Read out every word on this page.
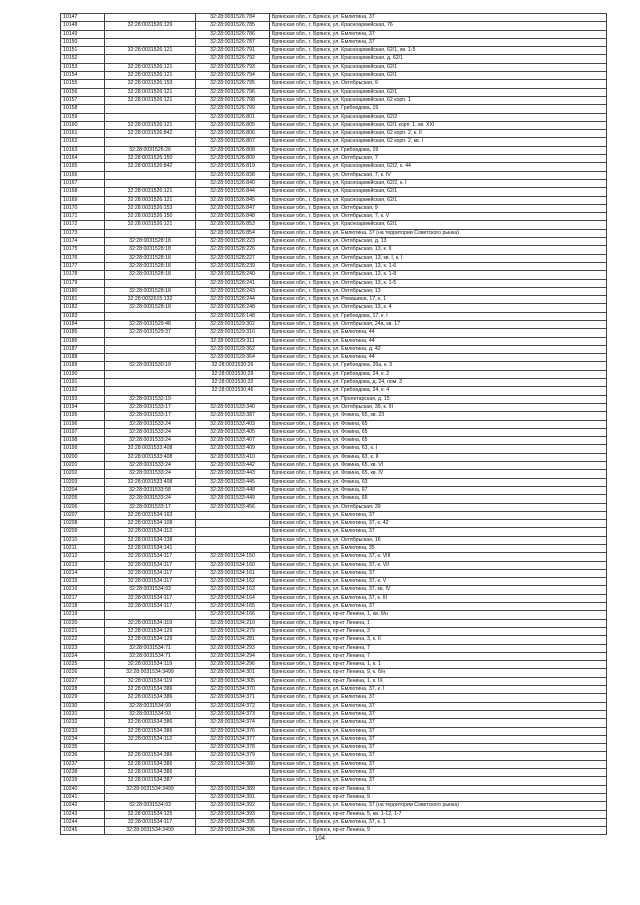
10147		32:28:0031526:784	Брянская обл., г. Брянск, ул. Емлютина, 37
10148	32:28:0031526:129	32:28:0031526:785	Брянская обл., г. Брянск, ул. Красноармейская, 76
10149		32:28:0031526:786	Брянская обл., г. Брянск, ул. Емлютина, 37
10150		32:28:0031526:787	Брянская обл., г. Брянск, ул. Емлютина, 37
10151	32:28:0031526:121	32:28:0031526:791	Брянская обл., г. Брянск, ул. Красноармейская, 62/1, кв. 1-5
10152		32:28:0031526:792	Брянская обл., г. Брянск, ул. Красноармейская, д. 62/1
10153	32:28:0031526:121	32:28:0031526:793	Брянская обл., г. Брянск, ул. Красноармейская, 62/1
10154	32:28:0031526:121	32:28:0031526:794	Брянская обл., г. Брянск, ул. Красноармейская, 62/1
10155	32:28:0031526:153	32:28:0031526:795	Брянская обл., г. Брянск, ул. Октябрьская, 9
10156	32:28:0031526:121	32:28:0031526:796	Брянская обл., г. Брянск, ул. Красноармейская, 62/1
10157	32:28:0031526:121	32:28:0031526:798	Брянская обл., г. Брянск, ул. Красноармейская, 62 корп. 1
10158		32:28:0031526:799	Брянская обл., г. Брянск, ул. Грибоедова, 19
10159		32:28:0031526:801	Брянская обл., г. Брянск, ул. Красноармейская, 62/2
10160	32:28:0031526:121	32:28:0031526:805	Брянская обл., г. Брянск, ул. Красноармейская, 62/1 корп. 1, кв. XXI
10161	32:28:0031526:842	32:28:0031526:806	Брянская обл., г. Брянск, ул. Красноармейская, 62 корп. 2, к. II
10162		32:28:0031526:807	Брянская обл., г. Брянск, ул. Красноармейская, 62 корп. 2, кв. I
10163	32:28:0031526:26	32:28:0031526:808	Брянская обл., г. Брянск, ул. Грибоедова, 19
10164	32:28:0031526:150	32:28:0031526:809	Брянская обл., г. Брянск, ул. Октябрьская, 7
10165	32:28:0031526:842	32:28:0031526:819	Брянская обл., г. Брянск, ул. Красноармейская, 62/2, к. 44
10166		32:28:0031526:838	Брянская обл., г. Брянск, ул. Октябрьская, 7, к. IV
10167		32:28:0031526:840	Брянская обл., г. Брянск, ул. Красноармейская, 62/2, к. I
10168	32:28:0031526:121	32:28:0031526:844	Брянская обл., г. Брянск, ул. Красноармейская, 62/1
10169	32:28:0031526:121	32:28:0031526:845	Брянская обл., г. Брянск, ул. Красноармейская, 62/1
10170	32:28:0031526:153	32:28:0031526:847	Брянская обл., г. Брянск, ул. Октябрьская, 9
10171	32:28:0031526:150	32:28:0031526:848	Брянская обл., г. Брянск, ул. Октябрьская, 7, к. V
10172	32:28:0031526:121	32:28:0031526:853	Брянская обл., г. Брянск, ул. Красноармейская, 62/1
10173		32:28:0031526:854	Брянская обл., г. Брянск, ул. Емлютина, 37 (на территории Советского рынка)
10174	32:28:0031528:18	32:28:0031528:223	Брянская обл., г. Брянск, ул. Октябрьская, д. 13
10175	32:28:0031528:18	32:28:0031528:226	Брянская обл., г. Брянск, ул. Октябрьская, 13, к. II
10176	32:28:0031528:18	32:28:0031528:227	Брянская обл., г. Брянск, ул. Октябрьская, 13, кв. I, к. I
10177	32:28:0031528:18	32:28:0031528:239	Брянская обл., г. Брянск, ул. Октябрьская, 13, к. 1-6
10178	32:28:0031528:18	32:28:0031528:240	Брянская обл., г. Брянск, ул. Октябрьская, 13, к. 1-8
10179		32:28:0031528:241	Брянская обл., г. Брянск, ул. Октябрьская, 13, к. 1-5
10180	32:28:0031528:18	32:28:0031528:243	Брянская обл., г. Брянск, ул. Октябрьская, 13
10181	32:28:0032615:132	32:28:0031528:244	Брянская обл., г. Брянск, ул. Ромашина, 17, к. 1
10182	32:28:0031528:18	32:28:0031528:248	Брянская обл., г. Брянск, ул. Октябрьская, 13, к. 4
10183		32:28:0031528:148	Брянская обл., г. Брянск, ул. Грибоедова, 17, к. I
10184	32:28:0031529:48	32:28:0031529:302	Брянская обл., г. Брянск, ул. Октябрьская, 24а, кв. 17
10185	32:28:0031529:37	32:28:0031529:310	Брянская обл., г. Брянск, ул. Емлютина, 44
10186		32:28:0031529:311	Брянская обл., г. Брянск, ул. Емлютина, 44
10187		32:28:0031529:362	Брянская обл., г. Брянск, ул. Емлютина, д. 42
10188		32:28:0031529:364	Брянская обл., г. Брянск, ул. Емлютина, 44
10189	32:28:0031530:19	32:28:0031530:26	Брянская обл., г. Брянск, ул. Грибоедова, 26а, к. 3
10190		32:28:0031530:29	Брянская обл., г. Брянск, ул. Грибоедова, 24, к. 2
10191		32:28:0031530:32	Брянская обл., г. Брянск, ул. Грибоедова, д. 24, пом. 3
10192		32:28:0031530:46	Брянская обл., г. Брянск, ул. Грибоедова, 24, к. 4
10193	32:28:0031532:19		Брянская обл., г. Брянск, ул. Пролетарская, д. 15
10194	32:28:0031533:17	32:28:0031533:340	Брянская обл., г. Брянск, ул. Октябрьская, 39, к. III
10195	32:28:0031533:17	32:28:0031533:387	Брянская обл., г. Брянск, ул. Фокина, 65, кв. 23
10196	32:28:0031533:24	32:28:0031533:403	Брянская обл., г. Брянск, ул. Фокина, 65
10197	32:28:0031533:24	32:28:0031533:405	Брянская обл., г. Брянск, ул. Фокина, 65
10198	32:28:0031533:24	32:28:0031533:407	Брянская обл., г. Брянск, ул. Фокина, 65
10199	32:28:0031533:408	32:28:0031533:409	Брянская обл., г. Брянск, ул. Фокина, 63, к. I
10200	32:28:0031533:408	32:28:0031533:410	Брянская обл., г. Брянск, ул. Фокина, 63, к. II
10201	32:28:0031533:24	32:28:0031533:442	Брянская обл., г. Брянск, ул. Фокина, 65, кв. VI
10202	32:28:0031533:24	32:28:0031533:443	Брянская обл., г. Брянск, ул. Фокина, 65, кв. IV
10203	32:28:0031533:408	32:28:0031533:445	Брянская обл., г. Брянск, ул. Фокина, 63
10204	32:28:0031533:58	32:28:0031533:448	Брянская обл., г. Брянск, ул. Фокина, 67
10205	32:28:0031533:24	32:28:0031533:449	Брянская обл., г. Брянск, ул. Фокина, 65
10206	32:28:0031533:17	32:28:0031533:456	Брянская обл., г. Брянск, ул. Октябрьская, 39
10207	32:28:0031534:163		Брянская обл., г. Брянск, ул. Емлютина, 37
10208	32:28:0031534:108		Брянская обл., г. Брянск, ул. Емлютина, 37, к. 42
10209	32:28:0031534:112		Брянская обл., г. Брянск, ул. Емлютина, 37
10210	32:28:0031534:138		Брянская обл., г. Брянск, ул. Октябрьская, 16
10211	32:28:0031534:141		Брянская обл., г. Брянск, ул. Емлютина, 35
10212	32:28:0031534:117	32:28:0031534:150	Брянская обл., г. Брянск, ул. Емлютина, 37, к. VIII
10213	32:28:0031534:117	32:28:0031534:160	Брянская обл., г. Брянск, ул. Емлютина, 37, к. VII
10214	32:28:0031534:117	32:28:0031534:161	Брянская обл., г. Брянск, ул. Емлютина, 37
10215	32:28:0031534:117	32:28:0031534:162	Брянская обл., г. Брянск, ул. Емлютина, 37, к. V
10216	32:28:0031534:93	32:28:0031534:163	Брянская обл., г. Брянск, ул. Емлютина, 37, кв. IV
10217	32:28:0031534:117	32:28:0031534:164	Брянская обл., г. Брянск, ул. Емлютина, 37, к. III
10218	32:28:0031534:117	32:28:0031534:165	Брянская обл., г. Брянск, ул. Емлютина, 37
10219		32:28:0031534:166	Брянская обл., г. Брянск, пр-кт Ленина, 1, кв. б/н
10220	32:28:0031534:119	32:28:0031534:210	Брянская обл., г. Брянск, пр-кт Ленина, 1
10221	32:28:0031534:129	32:28:0031534:279	Брянская обл., г. Брянск, пр-кт Ленина, 3
10222	32:28:0031534:129	32:28:0031534:281	Брянская обл., г. Брянск, пр-кт Ленина, 3, к. II
10223	32:28:0031534:71	32:28:0031534:293	Брянская обл., г. Брянск, пр-кт Ленина, 7
10224	32:28:0031534:71	32:28:0031534:294	Брянская обл., г. Брянск, пр-кт Ленина, 7
10225	32:28:0031534:119	32:28:0031534:296	Брянская обл., г. Брянск, пр-кт Ленина, 1, к. 1
10226	32:28:0031534:3499	32:28:0031534:301	Брянская обл., г. Брянск, пр-кт Ленина, 9, к. б/н
10227	32:28:0031534:119	32:28:0031534:305	Брянская обл., г. Брянск, пр-кт Ленина, 1, к. IX
10228	32:28:0031534:386	32:28:0031534:370	Брянская обл., г. Брянск, ул. Емлютина, 37, к. I
10229	32:28:0031534:386	32:28:0031534:371	Брянская обл., г. Брянск, ул. Емлютина, 37
10230	32:28:0031534:99	32:28:0031534:372	Брянская обл., г. Брянск, ул. Емлютина, 37
10231	32:28:0031534:93	32:28:0031534:373	Брянская обл., г. Брянск, ул. Емлютина, 37
10232	32:28:0031534:386	32:28:0031534:374	Брянская обл., г. Брянск, ул. Емлютина, 37
10233	32:28:0031534:386	32:28:0031534:376	Брянская обл., г. Брянск, ул. Емлютина, 37
10234	32:28:0031534:112	32:28:0031534:377	Брянская обл., г. Брянск, ул. Емлютина, 37
10235		32:28:0031534:378	Брянская обл., г. Брянск, ул. Емлютина, 37
10236	32:28:0031534:386	32:28:0031534:379	Брянская обл., г. Брянск, ул. Емлютина, 37
10237	32:28:0031534:386	32:28:0031534:380	Брянская обл., г. Брянск, ул. Емлютина, 37
10238	32:28:0031534:386		Брянская обл., г. Брянск, ул. Емлютина, 37
10239	32:28:0031534:387		Брянская обл., г. Брянск, ул. Емлютина, 37
10240	32:28:0031534:3499	32:28:0031534:389	Брянская обл., г. Брянск, пр-кт Ленина, 9
10241		32:28:0031534:391	Брянская обл., г. Брянск, пр-кт Ленина, 9
10242	32:28:0031534:93	32:28:0031534:392	Брянская обл., г. Брянск, ул. Емлютина, 37 (на территории Советского рынка)
10243	32:28:0031534:125	32:28:0031534:393	Брянская обл., г. Брянск, пр-кт Ленина, 5, кв. 1-12, 1-7
10244	32:28:0031534:117	32:28:0031534:395	Брянская обл., г. Брянск, ул. Емлютина, 37, к. 1
10245	32:28:0031534:3499	32:28:0031534:396	Брянская обл., г. Брянск, пр-кт Ленина, 9
104
